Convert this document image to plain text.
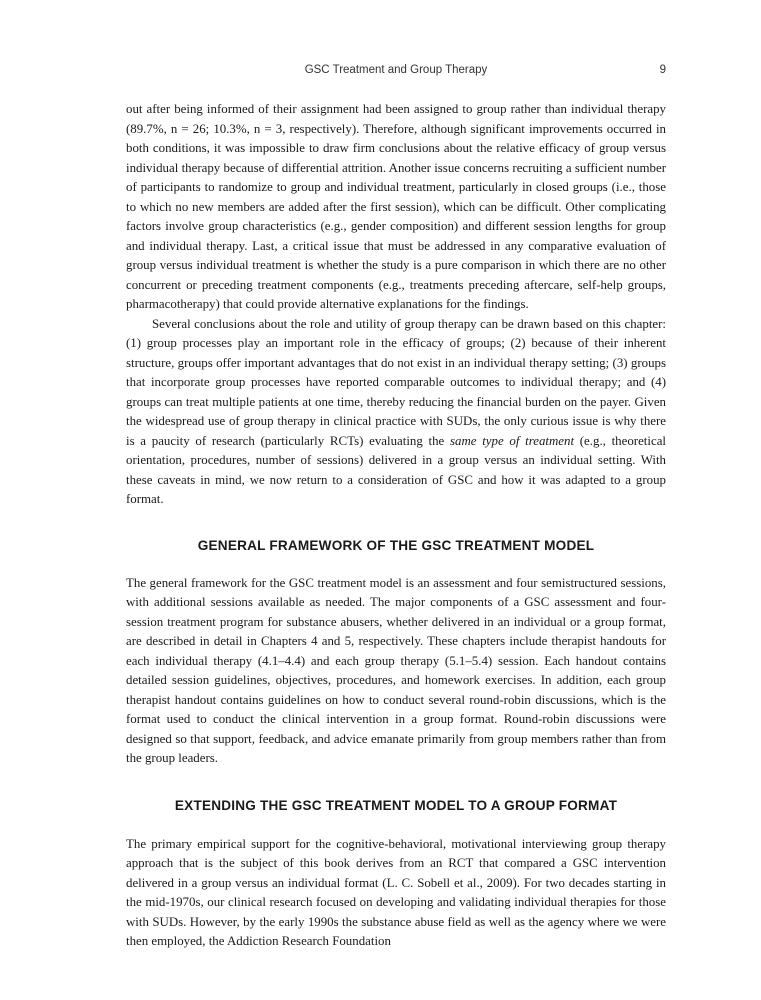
GSC Treatment and Group Therapy	9

out after being informed of their assignment had been assigned to group rather than individual therapy (89.7%, n = 26; 10.3%, n = 3, respectively). Therefore, although significant improvements occurred in both conditions, it was impossible to draw firm conclusions about the relative efficacy of group versus individual therapy because of differential attrition. Another issue concerns recruiting a sufficient number of participants to randomize to group and individual treatment, particularly in closed groups (i.e., those to which no new members are added after the first session), which can be difficult. Other complicating factors involve group characteristics (e.g., gender composition) and different session lengths for group and individual therapy. Last, a critical issue that must be addressed in any comparative evaluation of group versus individual treatment is whether the study is a pure comparison in which there are no other concurrent or preceding treatment components (e.g., treatments preceding aftercare, self-help groups, pharmacotherapy) that could provide alternative explanations for the findings.

Several conclusions about the role and utility of group therapy can be drawn based on this chapter: (1) group processes play an important role in the efficacy of groups; (2) because of their inherent structure, groups offer important advantages that do not exist in an individual therapy setting; (3) groups that incorporate group processes have reported comparable outcomes to individual therapy; and (4) groups can treat multiple patients at one time, thereby reducing the financial burden on the payer. Given the widespread use of group therapy in clinical practice with SUDs, the only curious issue is why there is a paucity of research (particularly RCTs) evaluating the same type of treatment (e.g., theoretical orientation, procedures, number of sessions) delivered in a group versus an individual setting. With these caveats in mind, we now return to a consideration of GSC and how it was adapted to a group format.

GENERAL FRAMEWORK OF THE GSC TREATMENT MODEL

The general framework for the GSC treatment model is an assessment and four semistructured sessions, with additional sessions available as needed. The major components of a GSC assessment and four-session treatment program for substance abusers, whether delivered in an individual or a group format, are described in detail in Chapters 4 and 5, respectively. These chapters include therapist handouts for each individual therapy (4.1–4.4) and each group therapy (5.1–5.4) session. Each handout contains detailed session guidelines, objectives, procedures, and homework exercises. In addition, each group therapist handout contains guidelines on how to conduct several round-robin discussions, which is the format used to conduct the clinical intervention in a group format. Round-robin discussions were designed so that support, feedback, and advice emanate primarily from group members rather than from the group leaders.

EXTENDING THE GSC TREATMENT MODEL TO A GROUP FORMAT

The primary empirical support for the cognitive-behavioral, motivational interviewing group therapy approach that is the subject of this book derives from an RCT that compared a GSC intervention delivered in a group versus an individual format (L. C. Sobell et al., 2009). For two decades starting in the mid-1970s, our clinical research focused on developing and validating individual therapies for those with SUDs. However, by the early 1990s the substance abuse field as well as the agency where we were then employed, the Addiction Research Foundation
